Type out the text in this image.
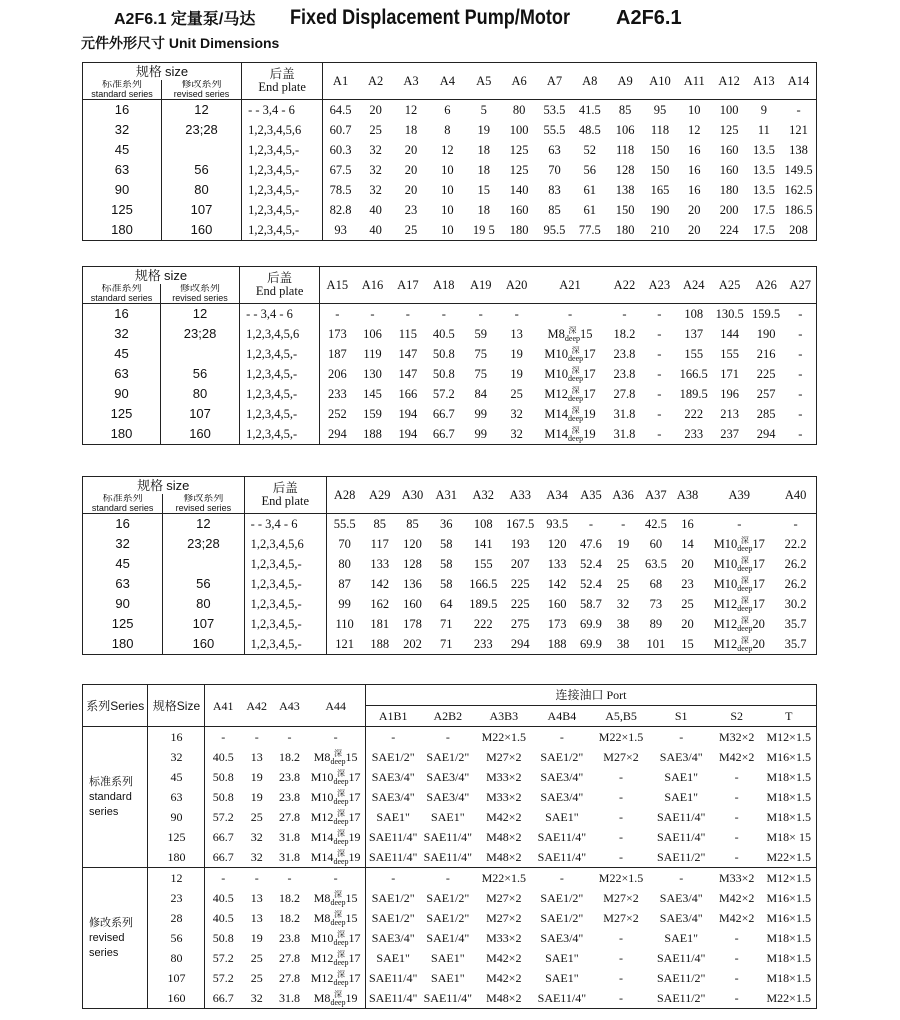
A2F6.1 定量泵/马达 Fixed Displacement Pump/Motor A2F6.1
元件外形尺寸 Unit Dimensions
规格 size		后盖
End plate	A1	A2	A3	A4	A5	A6	A7	A8	A9	A10	A11	A12	A13	A14

标准系列
standard series	修改系列
revised series															

16	12	- - 3,4 - 6	64.5	20	12	6	5	80	53.5	41.5	85	95	10	100	9	-
32	23;28	1,2,3,4,5,6	60.7	25	18	8	19	100	55.5	48.5	106	118	12	125	11	121
45		1,2,3,4,5,-	60.3	32	20	12	18	125	63	52	118	150	16	160	13.5	138
63	56	1,2,3,4,5,-	67.5	32	20	10	18	125	70	56	128	150	16	160	13.5	149.5
90	80	1,2,3,4,5,-	78.5	32	20	10	15	140	83	61	138	165	16	180	13.5	162.5
125	107	1,2,3,4,5,-	82.8	40	23	10	18	160	85	61	150	190	20	200	17.5	186.5
180	160	1,2,3,4,5,-	93	40	25	10	19 5	180	95.5	77.5	180	210	20	224	17.5	208
规格 size		后盖
End plate	A15	A16	A17	A18	A19	A20	A21	A22	A23	A24	A25	A26	A27

标准系列
standard series	修改系列
revised series														

16	12	- - 3,4 - 6	-	-	-	-	-	-	-	-	-	108	130.5	159.5	-
32	23;28	1,2,3,4,5,6	173	106	115	40.5	59	13	M8 深
deep 15	18.2	-	137	144	190	-
45		1,2,3,4,5,-	187	119	147	50.8	75	19	M10 深
deep 17	23.8	-	155	155	216	-
63	56	1,2,3,4,5,-	206	130	147	50.8	75	19	M10 深
deep 17	23.8	-	166.5	171	225	-
90	80	1,2,3,4,5,-	233	145	166	57.2	84	25	M12 深
deep 17	27.8	-	189.5	196	257	-
125	107	1,2,3,4,5,-	252	159	194	66.7	99	32	M14 深
deep 19	31.8	-	222	213	285	-
180	160	1,2,3,4,5,-	294	188	194	66.7	99	32	M14 深
deep 19	31.8	-	233	237	294	-
规格 size		后盖
End plate	A28	A29	A30	A31	A32	A33	A34	A35	A36	A37	A38	A39	A40

标准系列
standard series	修改系列
revised series														

16	12	- - 3,4 - 6	55.5	85	85	36	108	167.5	93.5	-	-	42.5	16	-	-
32	23;28	1,2,3,4,5,6	70	117	120	58	141	193	120	47.6	19	60	14	M10 深
deep 17	22.2
45		1,2,3,4,5,-	80	133	128	58	155	207	133	52.4	25	63.5	20	M10 深
deep 17	26.2
63	56	1,2,3,4,5,-	87	142	136	58	166.5	225	142	52.4	25	68	23	M10 深
deep 17	26.2
90	80	1,2,3,4,5,-	99	162	160	64	189.5	225	160	58.7	32	73	25	M12 深
deep 17	30.2
125	107	1,2,3,4,5,-	110	181	178	71	222	275	173	69.9	38	89	20	M12 深
deep 20	35.7
180	160	1,2,3,4,5,-	121	188	202	71	233	294	188	69.9	38	101	15	M12 深
deep 20	35.7
系列Series	规格Size	A41	A42	A43	A44	连接油口 Port							
						A1B1	A2B2	A3B3	A4B4	A5,B5	S1	S2	T

标准系列
standard
series	16	-	-	-	-	-	-	M22×1.5	-	M22×1.5	-	M32×2	M12×1.5
	32	40.5	13	18.2	M8 深
deep 15	SAE1/2"	SAE1/2"	M27×2	SAE1/2"	M27×2	SAE3/4"	M42×2	M16×1.5
	45	50.8	19	23.8	M10 深
deep 17	SAE3/4"	SAE3/4"	M33×2	SAE3/4"	-	SAE1"	-	M18×1.5
	63	50.8	19	23.8	M10 深
deep 17	SAE3/4"	SAE3/4"	M33×2	SAE3/4"	-	SAE1"	-	M18×1.5
	90	57.2	25	27.8	M12 深
deep 17	SAE1"	SAE1"	M42×2	SAE1"	-	SAE11/4"	-	M18×1.5
	125	66.7	32	31.8	M14 深
deep 19	SAE11/4"	SAE11/4"	M48×2	SAE11/4"	-	SAE11/4"	-	M18× 15
	180	66.7	32	31.8	M14 深
deep 19	SAE11/4"	SAE11/4"	M48×2	SAE11/4"	-	SAE11/2"	-	M22×1.5

修改系列
revised
series	12	-	-	-	-	-	-	M22×1.5	-	M22×1.5	-	M33×2	M12×1.5
	23	40.5	13	18.2	M8 深
deep 15	SAE1/2"	SAE1/2"	M27×2	SAE1/2"	M27×2	SAE3/4"	M42×2	M16×1.5
	28	40.5	13	18.2	M8 深
deep 15	SAE1/2"	SAE1/2"	M27×2	SAE1/2"	M27×2	SAE3/4"	M42×2	M16×1.5
	56	50.8	19	23.8	M10 深
deep 17	SAE3/4"	SAE1/4"	M33×2	SAE3/4"	-	SAE1"	-	M18×1.5
	80	57.2	25	27.8	M12 深
deep 17	SAE1"	SAE1"	M42×2	SAE1"	-	SAE11/4"	-	M18×1.5
	107	57.2	25	27.8	M12 深
deep 17	SAE11/4"	SAE1"	M42×2	SAE1"	-	SAE11/2"	-	M18×1.5
	160	66.7	32	31.8	M8 深
deep 19	SAE11/4"	SAE11/4"	M48×2	SAE11/4"	-	SAE11/2"	-	M22×1.5
